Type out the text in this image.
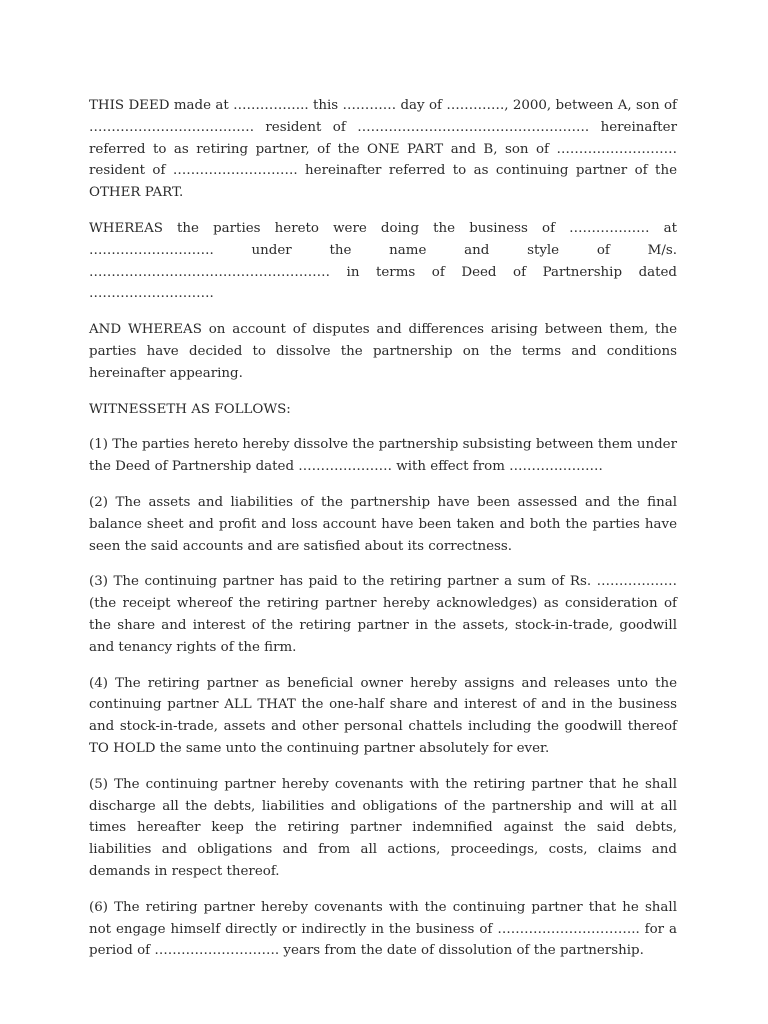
THIS DEED made at …………….. this ………… day of …………., 2000, between A, son of ………………………………. resident of ……………………………………………. hereinafter referred to as retiring partner, of the ONE PART and B, son of ……………………… resident of ………………………. hereinafter referred to as continuing partner of the OTHER PART.

WHEREAS the parties hereto were doing the business of ……………… at ………………………. under the name and style of M/s. ……………………………………………… in terms of Deed of Partnership dated ……………………….

AND WHEREAS on account of disputes and differences arising between them, the parties have decided to dissolve the partnership on the terms and conditions hereinafter appearing.

WITNESSETH AS FOLLOWS:

(1) The parties hereto hereby dissolve the partnership subsisting between them under the Deed of Partnership dated ………………… with effect from …………………

(2) The assets and liabilities of the partnership have been assessed and the final balance sheet and profit and loss account have been taken and both the parties have seen the said accounts and are satisfied about its correctness.

(3) The continuing partner has paid to the retiring partner a sum of Rs. ……………… (the receipt whereof the retiring partner hereby acknowledges) as consideration of the share and interest of the retiring partner in the assets, stock-in-trade, goodwill and tenancy rights of the firm.

(4) The retiring partner as beneficial owner hereby assigns and releases unto the continuing partner ALL THAT the one-half share and interest of and in the business and stock-in-trade, assets and other personal chattels including the goodwill thereof TO HOLD the same unto the continuing partner absolutely for ever.

(5) The continuing partner hereby covenants with the retiring partner that he shall discharge all the debts, liabilities and obligations of the partnership and will at all times hereafter keep the retiring partner indemnified against the said debts, liabilities and obligations and from all actions, proceedings, costs, claims and demands in respect thereof.

(6) The retiring partner hereby covenants with the continuing partner that he shall not engage himself directly or indirectly in the business of ………………………….. for a period of ………………………. years from the date of dissolution of the partnership.
